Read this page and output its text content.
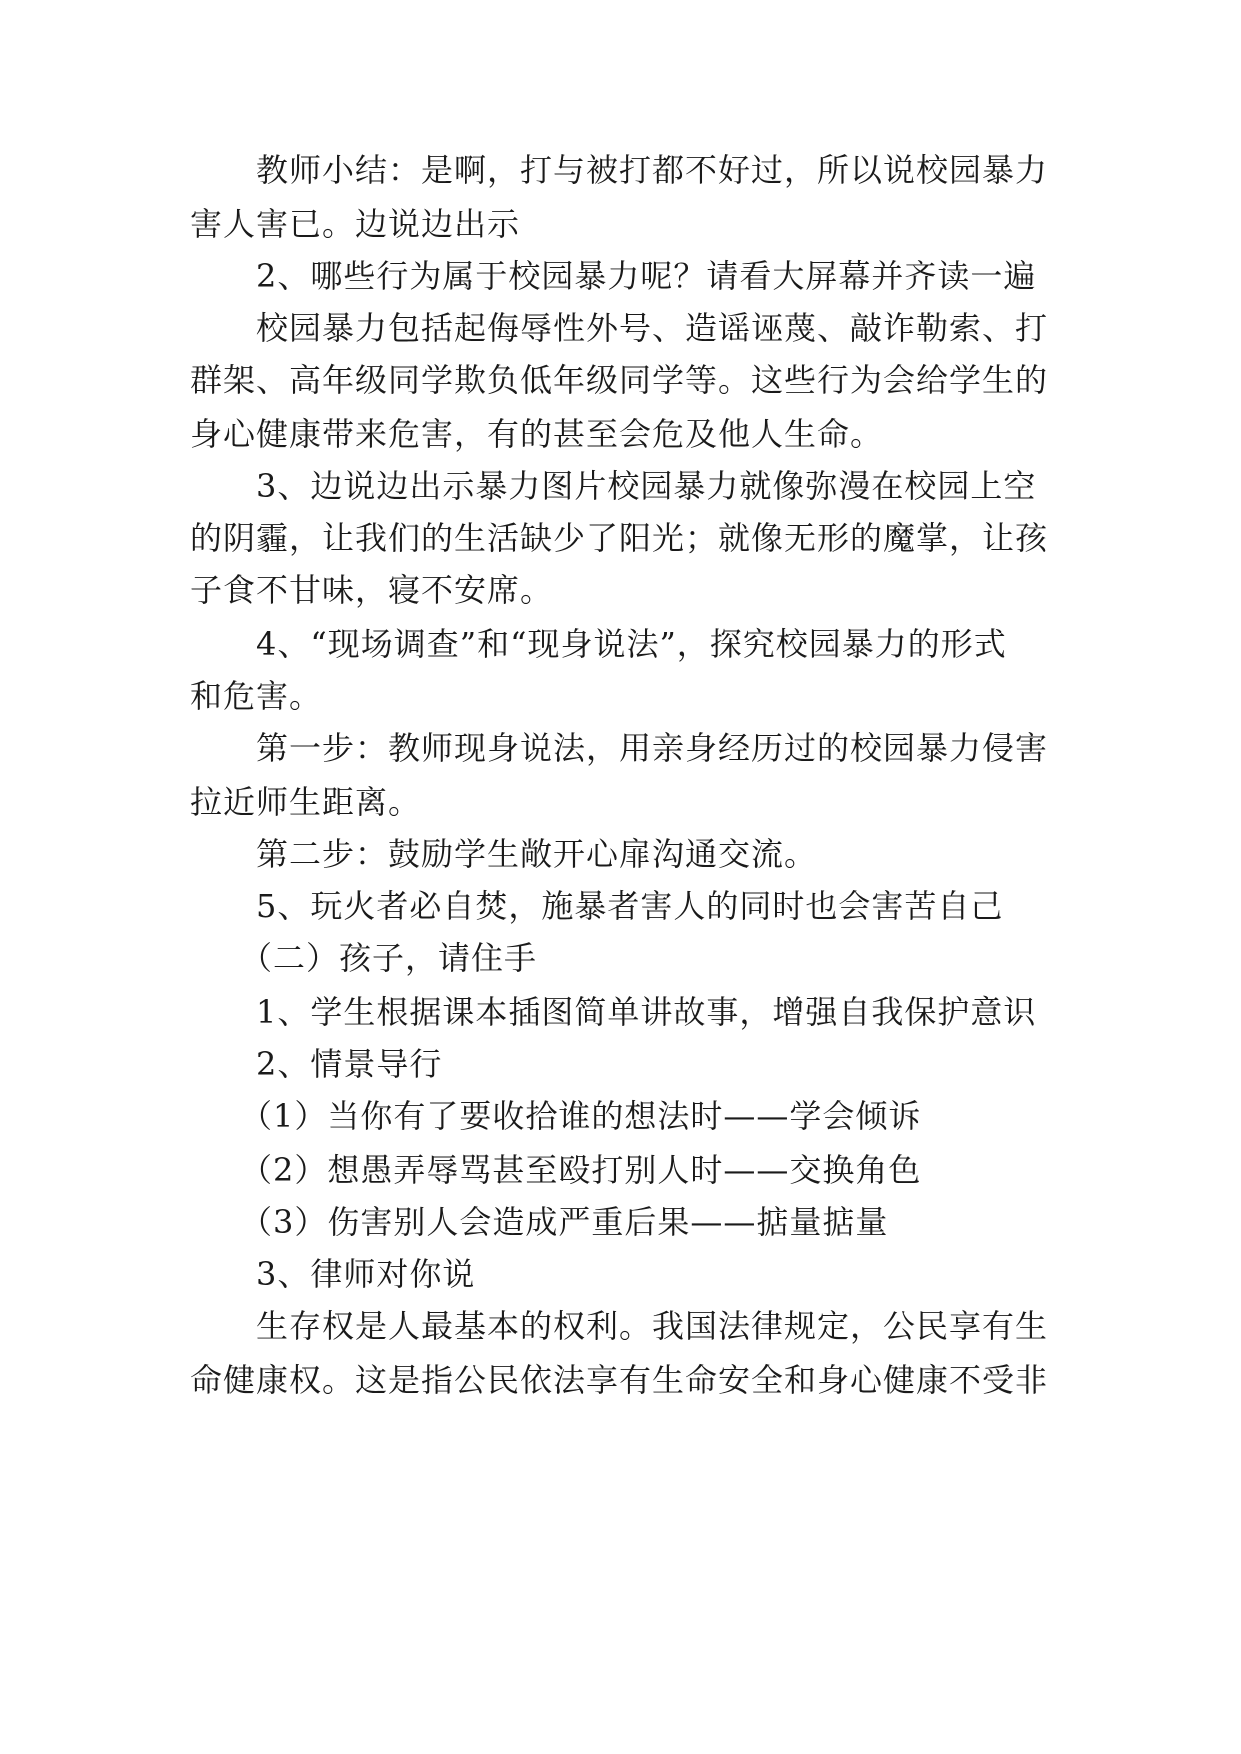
教师小结：是啊，打与被打都不好过，所以说校园暴力
害人害已。边说边出示
2、哪些行为属于校园暴力呢？请看大屏幕并齐读一遍
校园暴力包括起侮辱性外号、造谣诬蔑、敲诈勒索、打
群架、高年级同学欺负低年级同学等。这些行为会给学生的
身心健康带来危害，有的甚至会危及他人生命。
3、边说边出示暴力图片校园暴力就像弥漫在校园上空
的阴霾，让我们的生活缺少了阳光；就像无形的魔掌，让孩
子食不甘味，寝不安席。
4、“现场调查”和“现身说法”，探究校园暴力的形式
和危害。
第一步：教师现身说法，用亲身经历过的校园暴力侵害
拉近师生距离。
第二步：鼓励学生敞开心扉沟通交流。
5、玩火者必自焚，施暴者害人的同时也会害苦自己
（二）孩子，请住手
1、学生根据课本插图简单讲故事，增强自我保护意识
2、情景导行
（1）当你有了要收拾谁的想法时——学会倾诉
（2）想愚弄辱骂甚至殴打别人时——交换角色
（3）伤害别人会造成严重后果——掂量掂量
3、律师对你说
生存权是人最基本的权利。我国法律规定，公民享有生
命健康权。这是指公民依法享有生命安全和身心健康不受非
